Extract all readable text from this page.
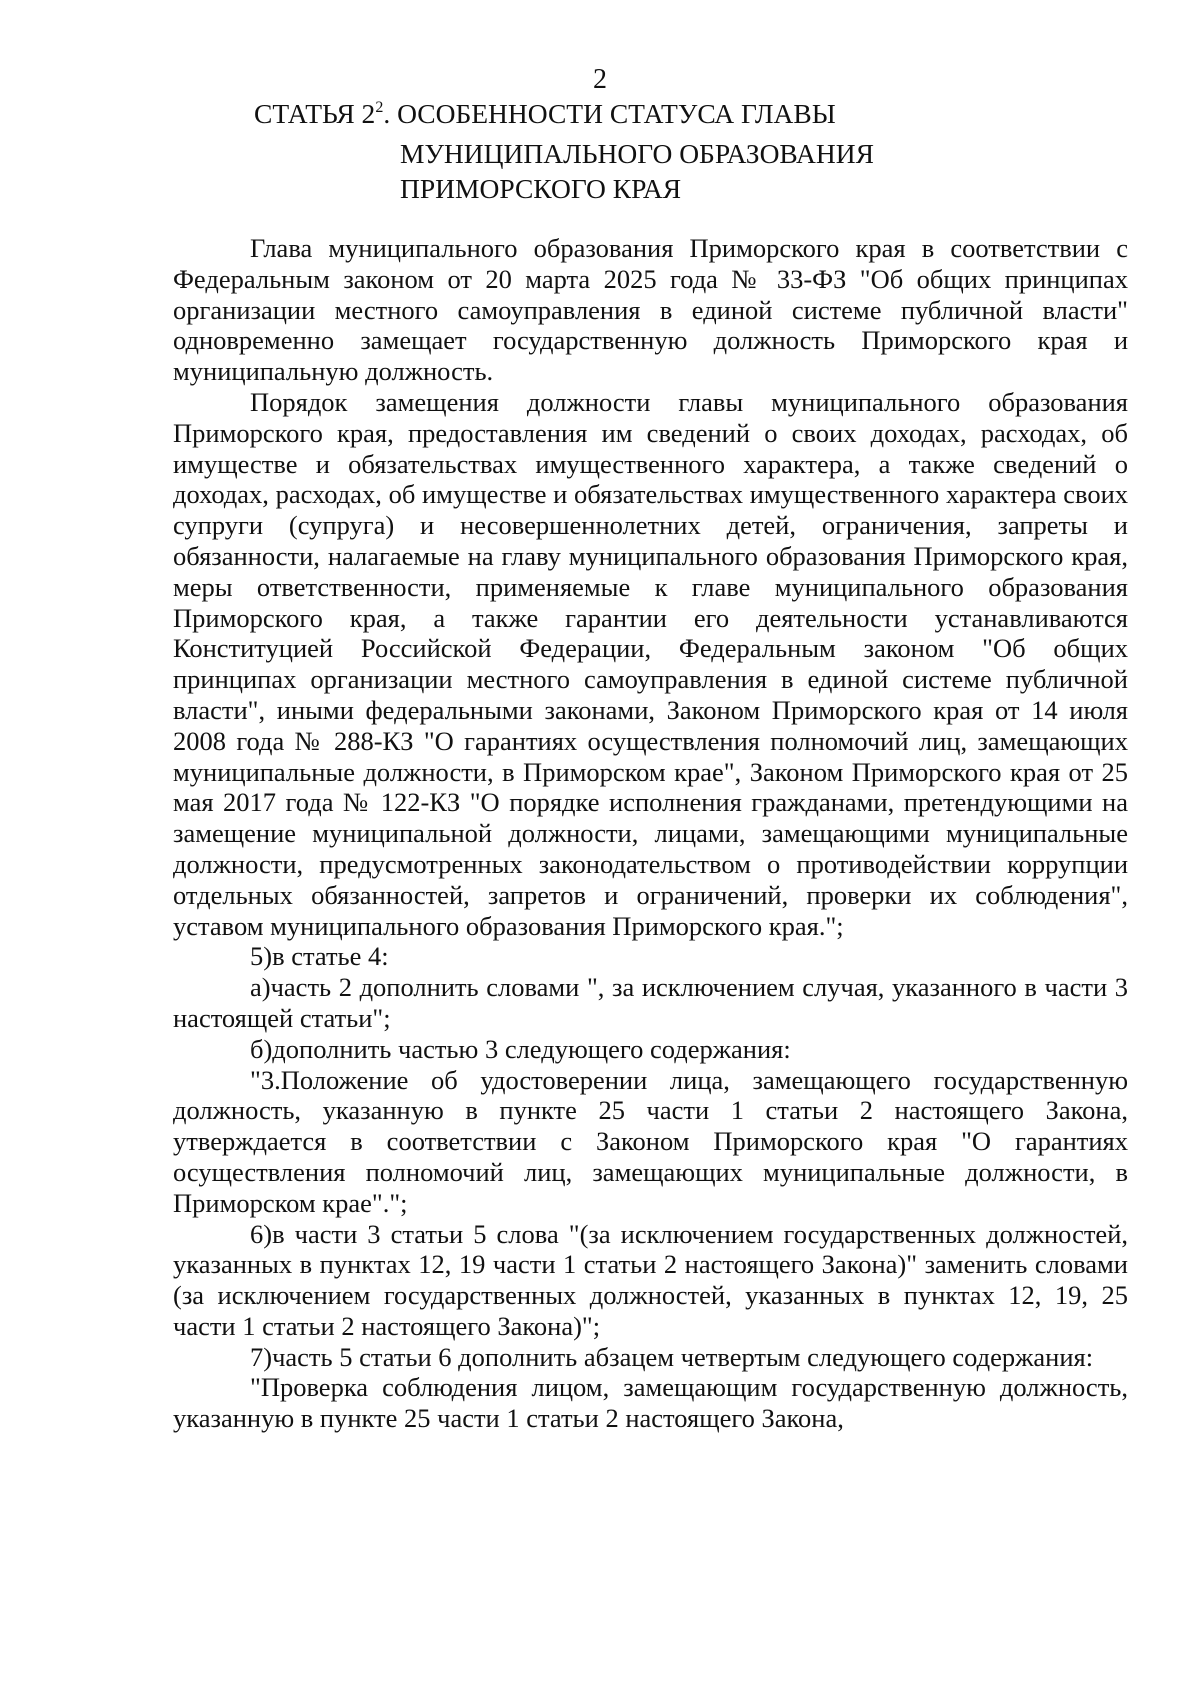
2
СТАТЬЯ $2^2$. ОСОБЕННОСТИ СТАТУСА ГЛАВЫ
МУНИЦИПАЛЬНОГО ОБРАЗОВАНИЯ
ПРИМОРСКОГО КРАЯ

Глава муниципального образования Приморского края в соответствии с Федеральным законом от 20 марта 2025 года № 33-ФЗ "Об общих принципах организации местного самоуправления в единой системе публичной власти" одновременно замещает государственную должность Приморского края и муниципальную должность.

Порядок замещения должности главы муниципального образования Приморского края, предоставления им сведений о своих доходах, расходах, об имуществе и обязательствах имущественного характера, а также сведений о доходах, расходах, об имуществе и обязательствах имущественного характера своих супруги (супруга) и несовершеннолетних детей, ограничения, запреты и обязанности, налагаемые на главу муниципального образования Приморского края, меры ответственности, применяемые к главе муниципального образования Приморского края, а также гарантии его деятельности устанавливаются Конституцией Российской Федерации, Федеральным законом "Об общих принципах организации местного самоуправления в единой системе публичной власти", иными федеральными законами, Законом Приморского края от 14 июля 2008 года № 288-КЗ "О гарантиях осуществления полномочий лиц, замещающих муниципальные должности, в Приморском крае", Законом Приморского края от 25 мая 2017 года № 122-КЗ "О порядке исполнения гражданами, претендующими на замещение муниципальной должности, лицами, замещающими муниципальные должности, предусмотренных законодательством о противодействии коррупции отдельных обязанностей, запретов и ограничений, проверки их соблюдения", уставом муниципального образования Приморского края.";

5)в статье 4:

а)часть 2 дополнить словами ", за исключением случая, указанного в части 3 настоящей статьи";

б)дополнить частью 3 следующего содержания:

"3.Положение об удостоверении лица, замещающего государственную должность, указанную в пункте 25 части 1 статьи 2 настоящего Закона, утверждается в соответствии с Законом Приморского края "О гарантиях осуществления полномочий лиц, замещающих муниципальные должности, в Приморском крае".";

6)в части 3 статьи 5 слова "(за исключением государственных должностей, указанных в пунктах 12, 19 части 1 статьи 2 настоящего Закона)" заменить словами (за исключением государственных должностей, указанных в пунктах 12, 19, 25 части 1 статьи 2 настоящего Закона)";

7)часть 5 статьи 6 дополнить абзацем четвертым следующего содержания:

"Проверка соблюдения лицом, замещающим государственную должность, указанную в пункте 25 части 1 статьи 2 настоящего Закона,
